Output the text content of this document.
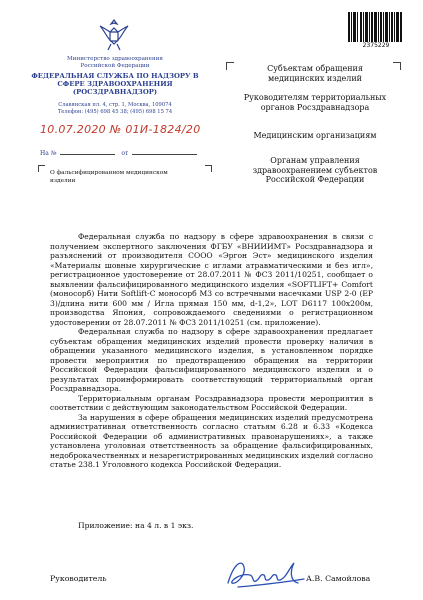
2375229
Министерство здравоохранения Российской Федерации
ФЕДЕРАЛЬНАЯ СЛУЖБА ПО НАДЗОРУ В СФЕРЕ ЗДРАВООХРАНЕНИЯ (РОСЗДРАВНАДЗОР)
Славянская пл. 4, стр. 1, Москва, 109074
Телефон: (495) 698 45 38; (495) 698 15 74
10.07.2020 № 01И-1824/20
На №	от
О фальсифицированном медицинском изделии
Субъектам обращения медицинских изделий
Руководителям территориальных органов Росздравнадзора
Медицинским организациям
Органам управления здравоохранением субъектов Российской Федерации

Федеральная служба по надзору в сфере здравоохранения в связи с получением экспертного заключения ФГБУ «ВНИИИМТ» Росздравнадзора и разъяснений от производителя СООО «Эргон Эст» медицинского изделия «Материалы шовные хирургические с иглами атравматическими и без игл», регистрационное удостоверение от 28.07.2011 № ФСЗ 2011/10251, сообщает о выявлении фальсифицированного медицинского изделия «SOFTLIFT+ Comfort (моносорб) Нити Softlift-C моносорб М3 со встречными насечками USP 2-0 (ЕР 3)/длина нити 600 мм / Игла прямая 150 мм, d-1,2», LOT D6117 100х200м, производства Япония, сопровождаемого сведениями о регистрационном удостоверении от 28.07.2011 № ФСЗ 2011/10251 (см. приложение).

Федеральная служба по надзору в сфере здравоохранения предлагает субъектам обращения медицинских изделий провести проверку наличия в обращении указанного медицинского изделия, в установленном порядке провести мероприятия по предотвращению обращения на территории Российской Федерации фальсифицированного медицинского изделия и о результатах проинформировать соответствующий территориальный орган Росздравнадзора.

Территориальным органам Росздравнадзора провести мероприятия в соответствии с действующим законодательством Российской Федерации.

За нарушения в сфере обращения медицинских изделий предусмотрена административная ответственность согласно статьям 6.28 и 6.33 «Кодекса Российской Федерации об административных правонарушениях», а также установлена уголовная ответственность за обращение фальсифицированных, недоброкачественных и незарегистрированных медицинских изделий согласно статье 238.1 Уголовного кодекса Российской Федерации.

Приложение: на 4 л. в 1 экз.
Руководитель	А.В. Самойлова
